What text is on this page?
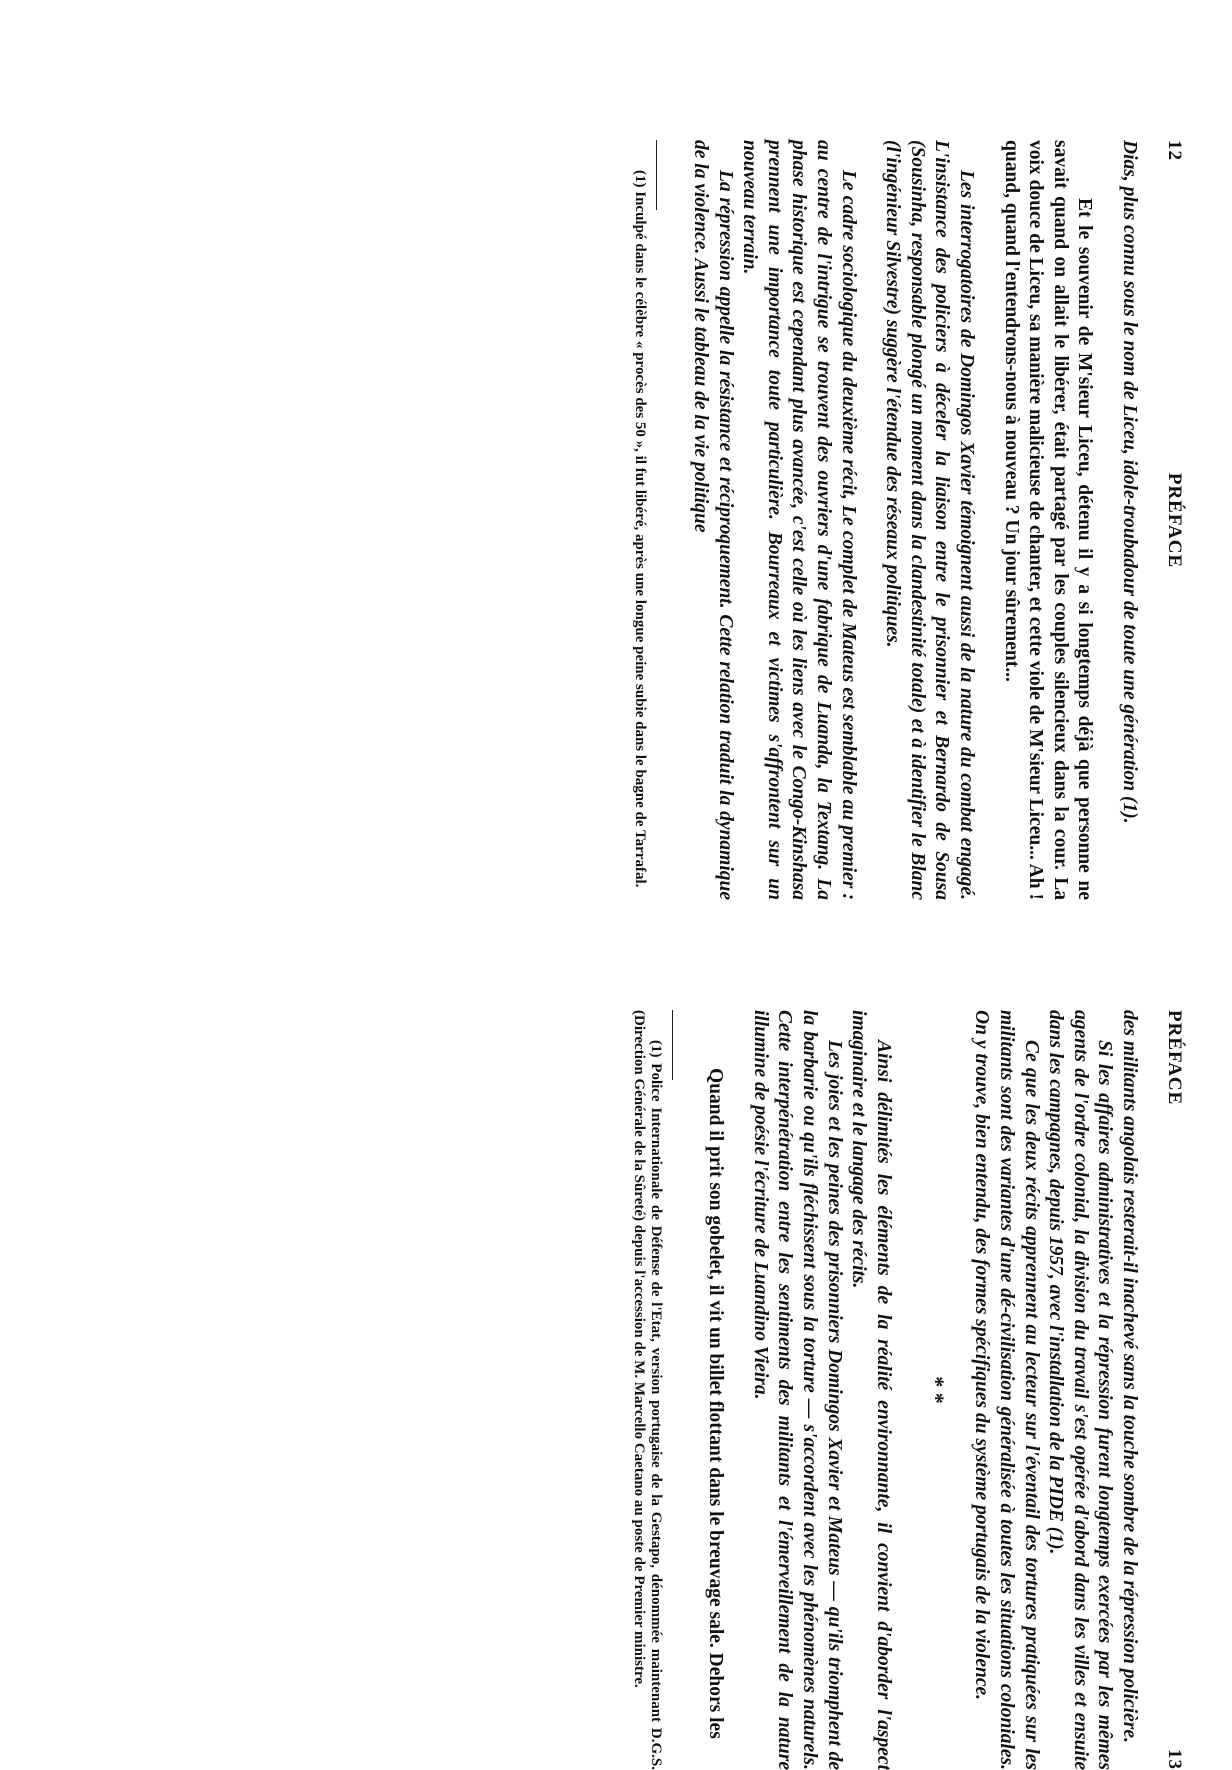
12
PRÉFACE

Dias, plus connu sous le nom de Liceu, idole-troubadour de toute une génération (1).

Et le souvenir de M'sieur Liceu, détenu il y a si longtemps déjà que personne ne savait quand on allait le libérer, était partagé par les couples silencieux dans la cour. La voix douce de Liceu, sa manière malicieuse de chanter, et cette viole de M'sieur Liceu... Ah ! quand, quand l'entendrons-nous à nouveau ? Un jour sûrement...

Les interrogatoires de Domingos Xavier témoignent aussi de la nature du combat engagé. L'insistance des policiers à déceler la liaison entre le prisonnier et Bernardo de Sousa (Sousinha, responsable plongé un moment dans la clandestinité totale) et à identifier le Blanc (l'ingénieur Silvestre) suggère l'étendue des réseaux politiques.

Le cadre sociologique du deuxième récit, Le complet de Mateus est semblable au premier : au centre de l'intrigue se trouvent des ouvriers d'une fabrique de Luanda, la Textang. La phase historique est cependant plus avancée, c'est celle où les liens avec le Congo-Kinshasa prennent une importance toute particulière. Bourreaux et victimes s'affrontent sur un nouveau terrain.

La répression appelle la résistance et réciproquement. Cette relation traduit la dynamique de la violence. Aussi le tableau de la vie politique

(1) Inculpé dans le célèbre « procès des 50 », il fut libéré, après une longue peine subie dans le bagne de Tarrafal.
PRÉFACE
13

des militants angolais resterait-il inachevé sans la touche sombre de la répression policière.

Si les affaires administratives et la répression furent longtemps exercées par les mêmes agents de l'ordre colonial, la division du travail s'est opérée d'abord dans les villes et ensuite dans les campagnes, depuis 1957, avec l'installation de la PIDE (1).

Ce que les deux récits apprennent au lecteur sur l'éventail des tortures pratiquées sur les militants sont des variantes d'une dé-civilisation généralisée à toutes les situations coloniales. On y trouve, bien entendu, des formes spécifiques du système portugais de la violence.

* *

Ainsi délimités les éléments de la réalité environnante, il convient d'aborder l'aspect imaginaire et le langage des récits.

Les joies et les peines des prisonniers Domingos Xavier et Mateus — qu'ils triomphent de la barbarie ou qu'ils fléchissent sous la torture — s'accordent avec les phénomènes naturels. Cette interpénétration entre les sentiments des militants et l'émerveillement de la nature illumine de poésie l'écriture de Luandino Vieira.

Quand il prit son gobelet, il vit un billet flottant dans le breuvage sale. Dehors les

(1) Police Internationale de Défense de l'Etat, version portugaise de la Gestapo, dénommée maintenant D.G.S. (Direction Générale de la Sûreté) depuis l'accession de M. Marcello Caetano au poste de Premier ministre.
